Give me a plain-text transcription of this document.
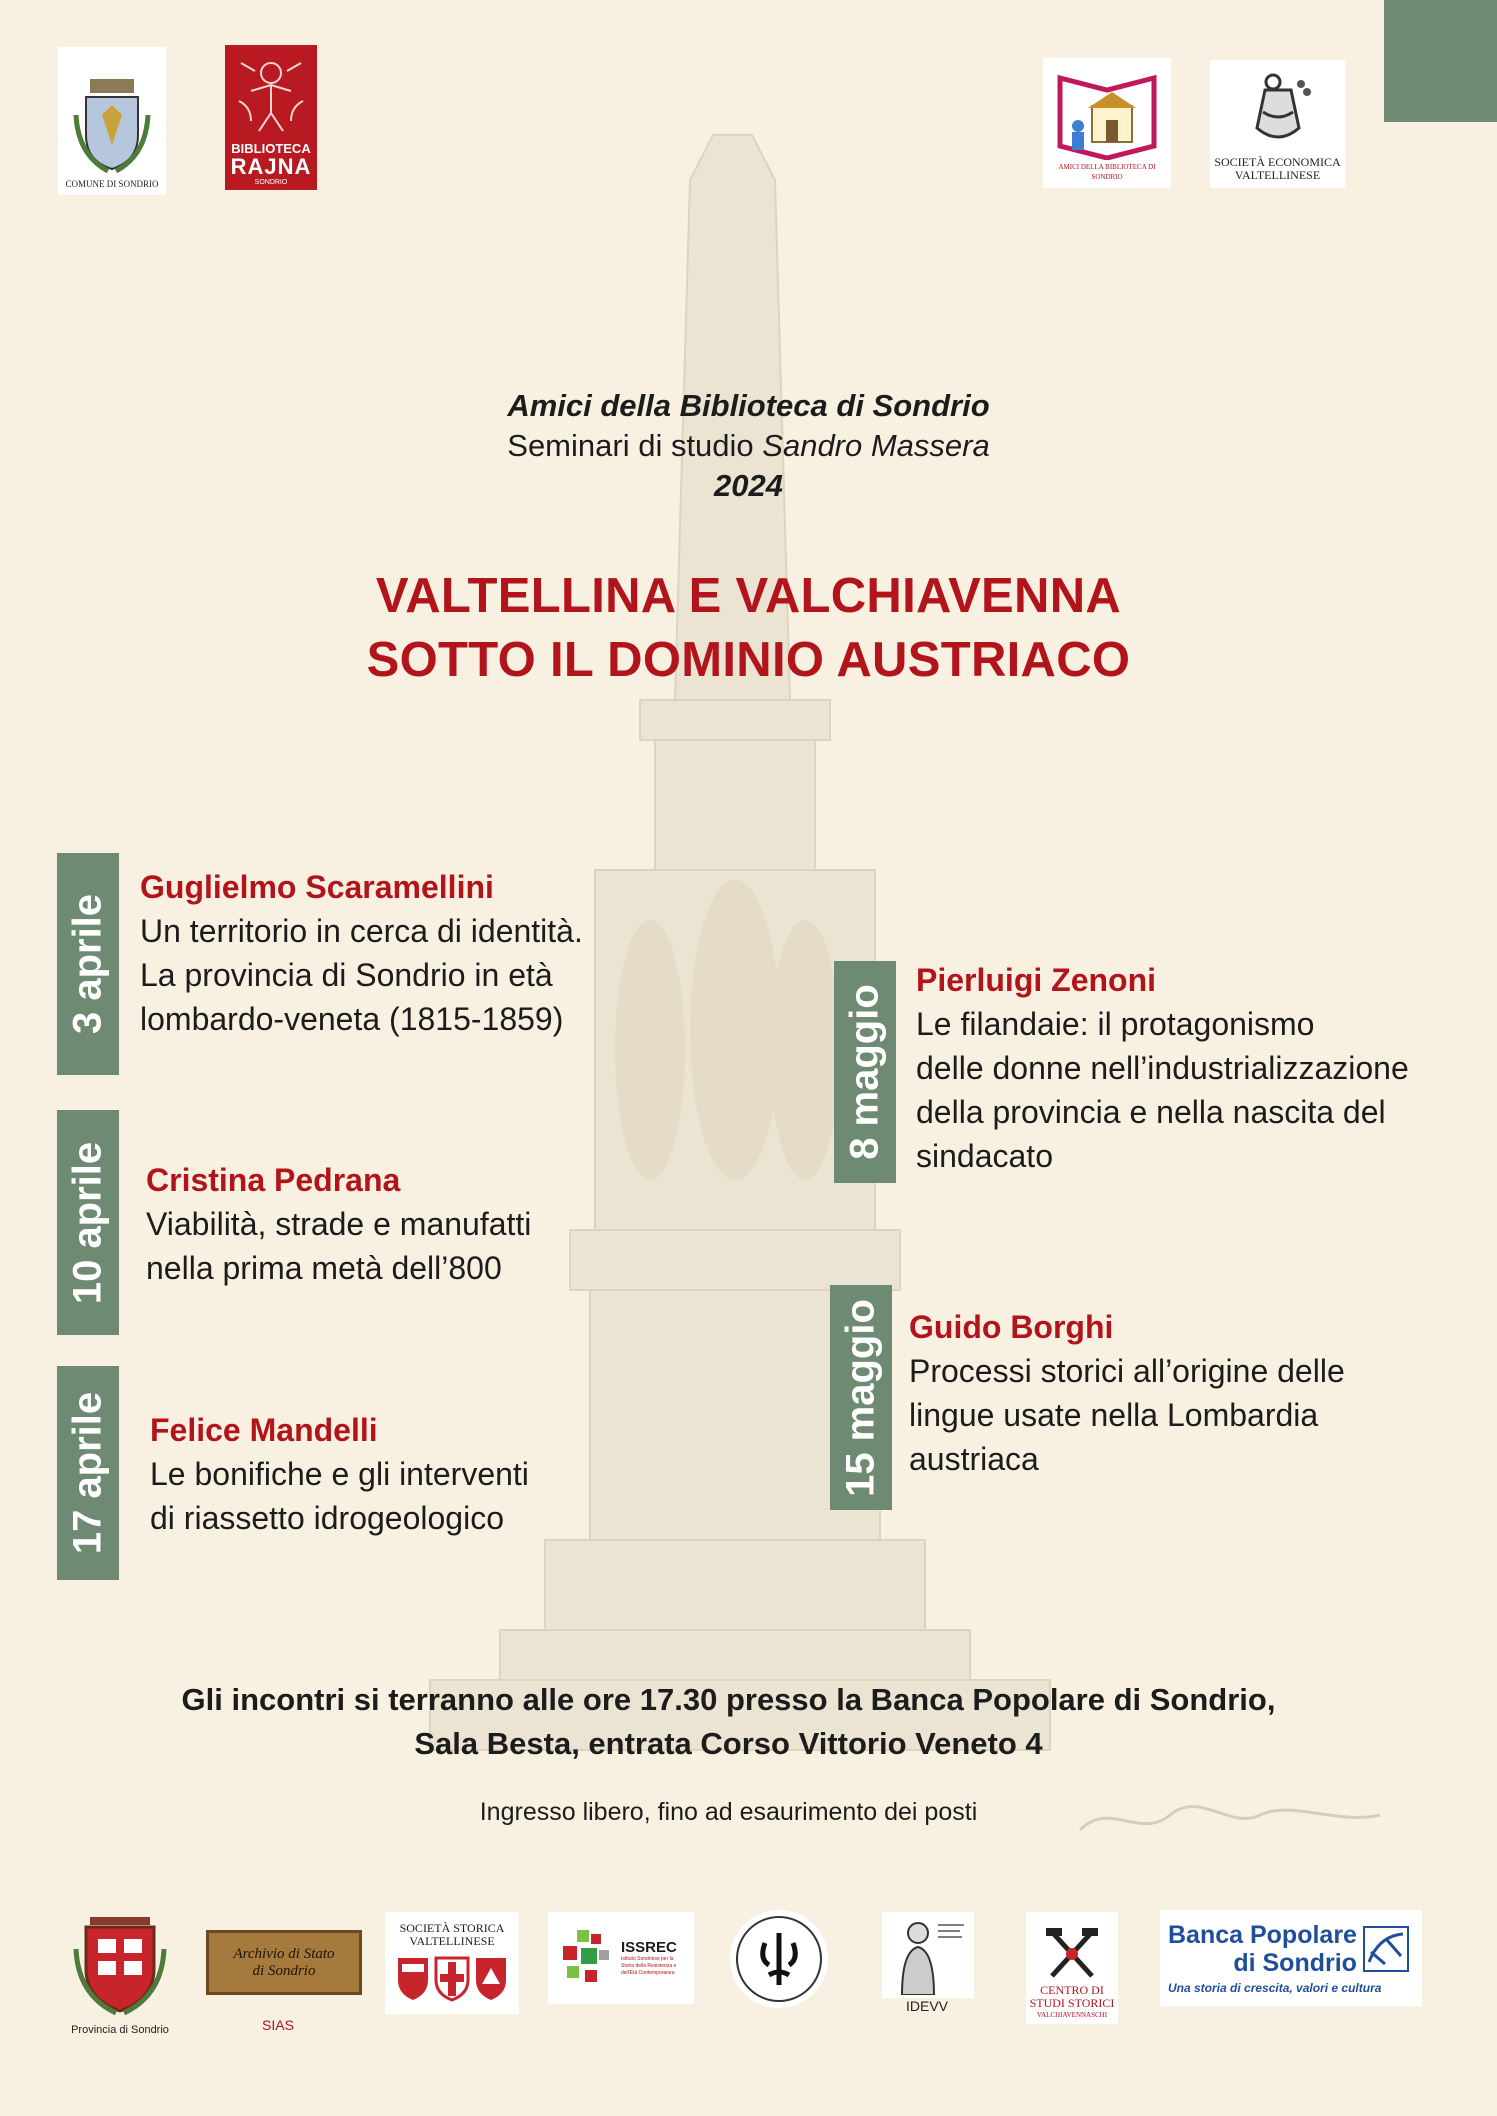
COMUNE DI SONDRIO
BIBLIOTECA
RAJNA
SONDRIO
AMICI DELLA BIBLIOTECA DI SONDRIO
SOCIETÀ ECONOMICA
VALTELLINESE
Amici della Biblioteca di Sondrio
Seminari di studio Sandro Massera
2024
VALTELLINA E VALCHIAVENNA
SOTTO IL DOMINIO AUSTRIACO
3 aprile
Guglielmo Scaramellini
Un territorio in cerca di identità.
La provincia di Sondrio in età
lombardo-veneta (1815-1859)
10 aprile Cristina Pedrana
Viabilità, strade e manufatti
nella prima metà dell’800
17 aprile Felice Mandelli
Le bonifiche e gli interventi
di riassetto idrogeologico
8 maggio
Pierluigi Zenoni
Le filandaie: il protagonismo
delle donne nell’industrializzazione
della provincia e nella nascita del
sindacato
15 maggio Guido Borghi
Processi storici all’origine delle
lingue usate nella Lombardia
austriaca
Gli incontri si terranno alle ore 17.30 presso la Banca Popolare di Sondrio,
Sala Besta, entrata Corso Vittorio Veneto 4
Ingresso libero, fino ad esaurimento dei posti
Provincia di Sondrio
Archivio di Stato
di Sondrio
SIAS
SOCIETÀ STORICA
VALTELLINESE	ISSREC
Istituto Sondriese per la Storia della Resistenza e dell'Età Contemporanea
IDEVV
CENTRO DI
STUDI STORICI
VALCHIAVENNASCHI
Banca Popolare
di Sondrio
Una storia di crescita, valori e cultura
